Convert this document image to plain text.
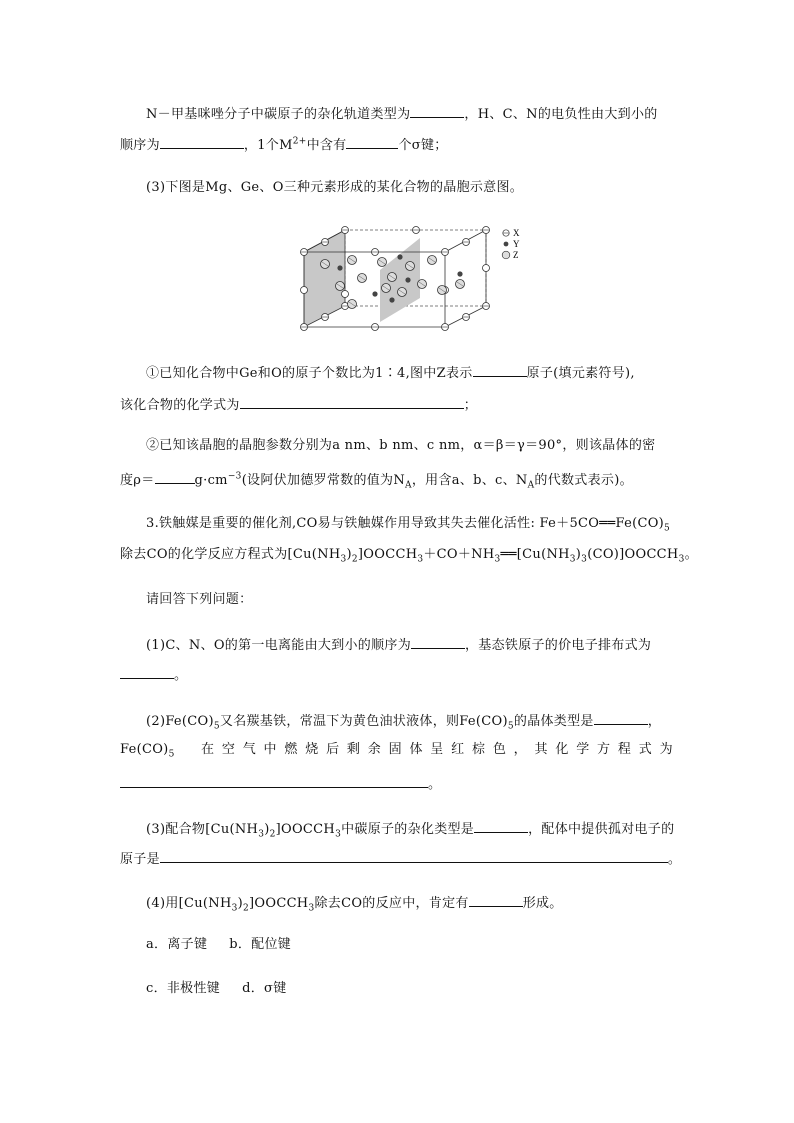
N－甲基咪唑分子中碳原子的杂化轨道类型为	，H、C、N的电负性由大到小的
顺序为	，1个$M^{2+}$中含有	个σ键；
(3)下图是Mg、Ge、O三种元素形成的某化合物的晶胞示意图。
X
Y
Z
①已知化合物中Ge和O的原子个数比为1∶4,图中Z表示	原子(填元素符号),
该化合物的化学式为	；
②已知该晶胞的晶胞参数分别为a nm、b nm、c nm，α＝β＝γ＝90°，则该晶体的密
度ρ＝	$g\cdot cm^{-3}$(设阿伏加德罗常数的值为$N_A$，用含a、b、c、$N_A$的代数式表示)。
3.铁触媒是重要的催化剂,CO易与铁触媒作用导致其失去催化活性: $Fe+5CO══Fe(CO)_5$
除去CO的化学反应方程式为$[Cu(NH_3)_2]OOCCH_3+CO+NH_3══[Cu(NH_3)_3(CO)]OOCCH_3$。
请回答下列问题：
(1)C、N、O的第一电离能由大到小的顺序为	，基态铁原子的价电子排布式为
。
$(2)Fe(CO)_5$又名羰基铁，常温下为黄色油状液体，则$Fe(CO)_5$的晶体类型是	，
$Fe(CO)_5$ 在 空 气 中 燃 烧 后 剩 余 固 体 呈 红 棕 色 ， 其 化 学 方 程 式 为
。
(3)配合物$[Cu(NH_3)_2]OOCCH_3$中碳原子的杂化类型是	，配体中提供孤对电子的
原子是	。
(4)用$[Cu(NH_3)_2]OOCCH_3$除去CO的反应中，肯定有	形成。
a．离子键 b．配位键
c．非极性键 d．σ键
